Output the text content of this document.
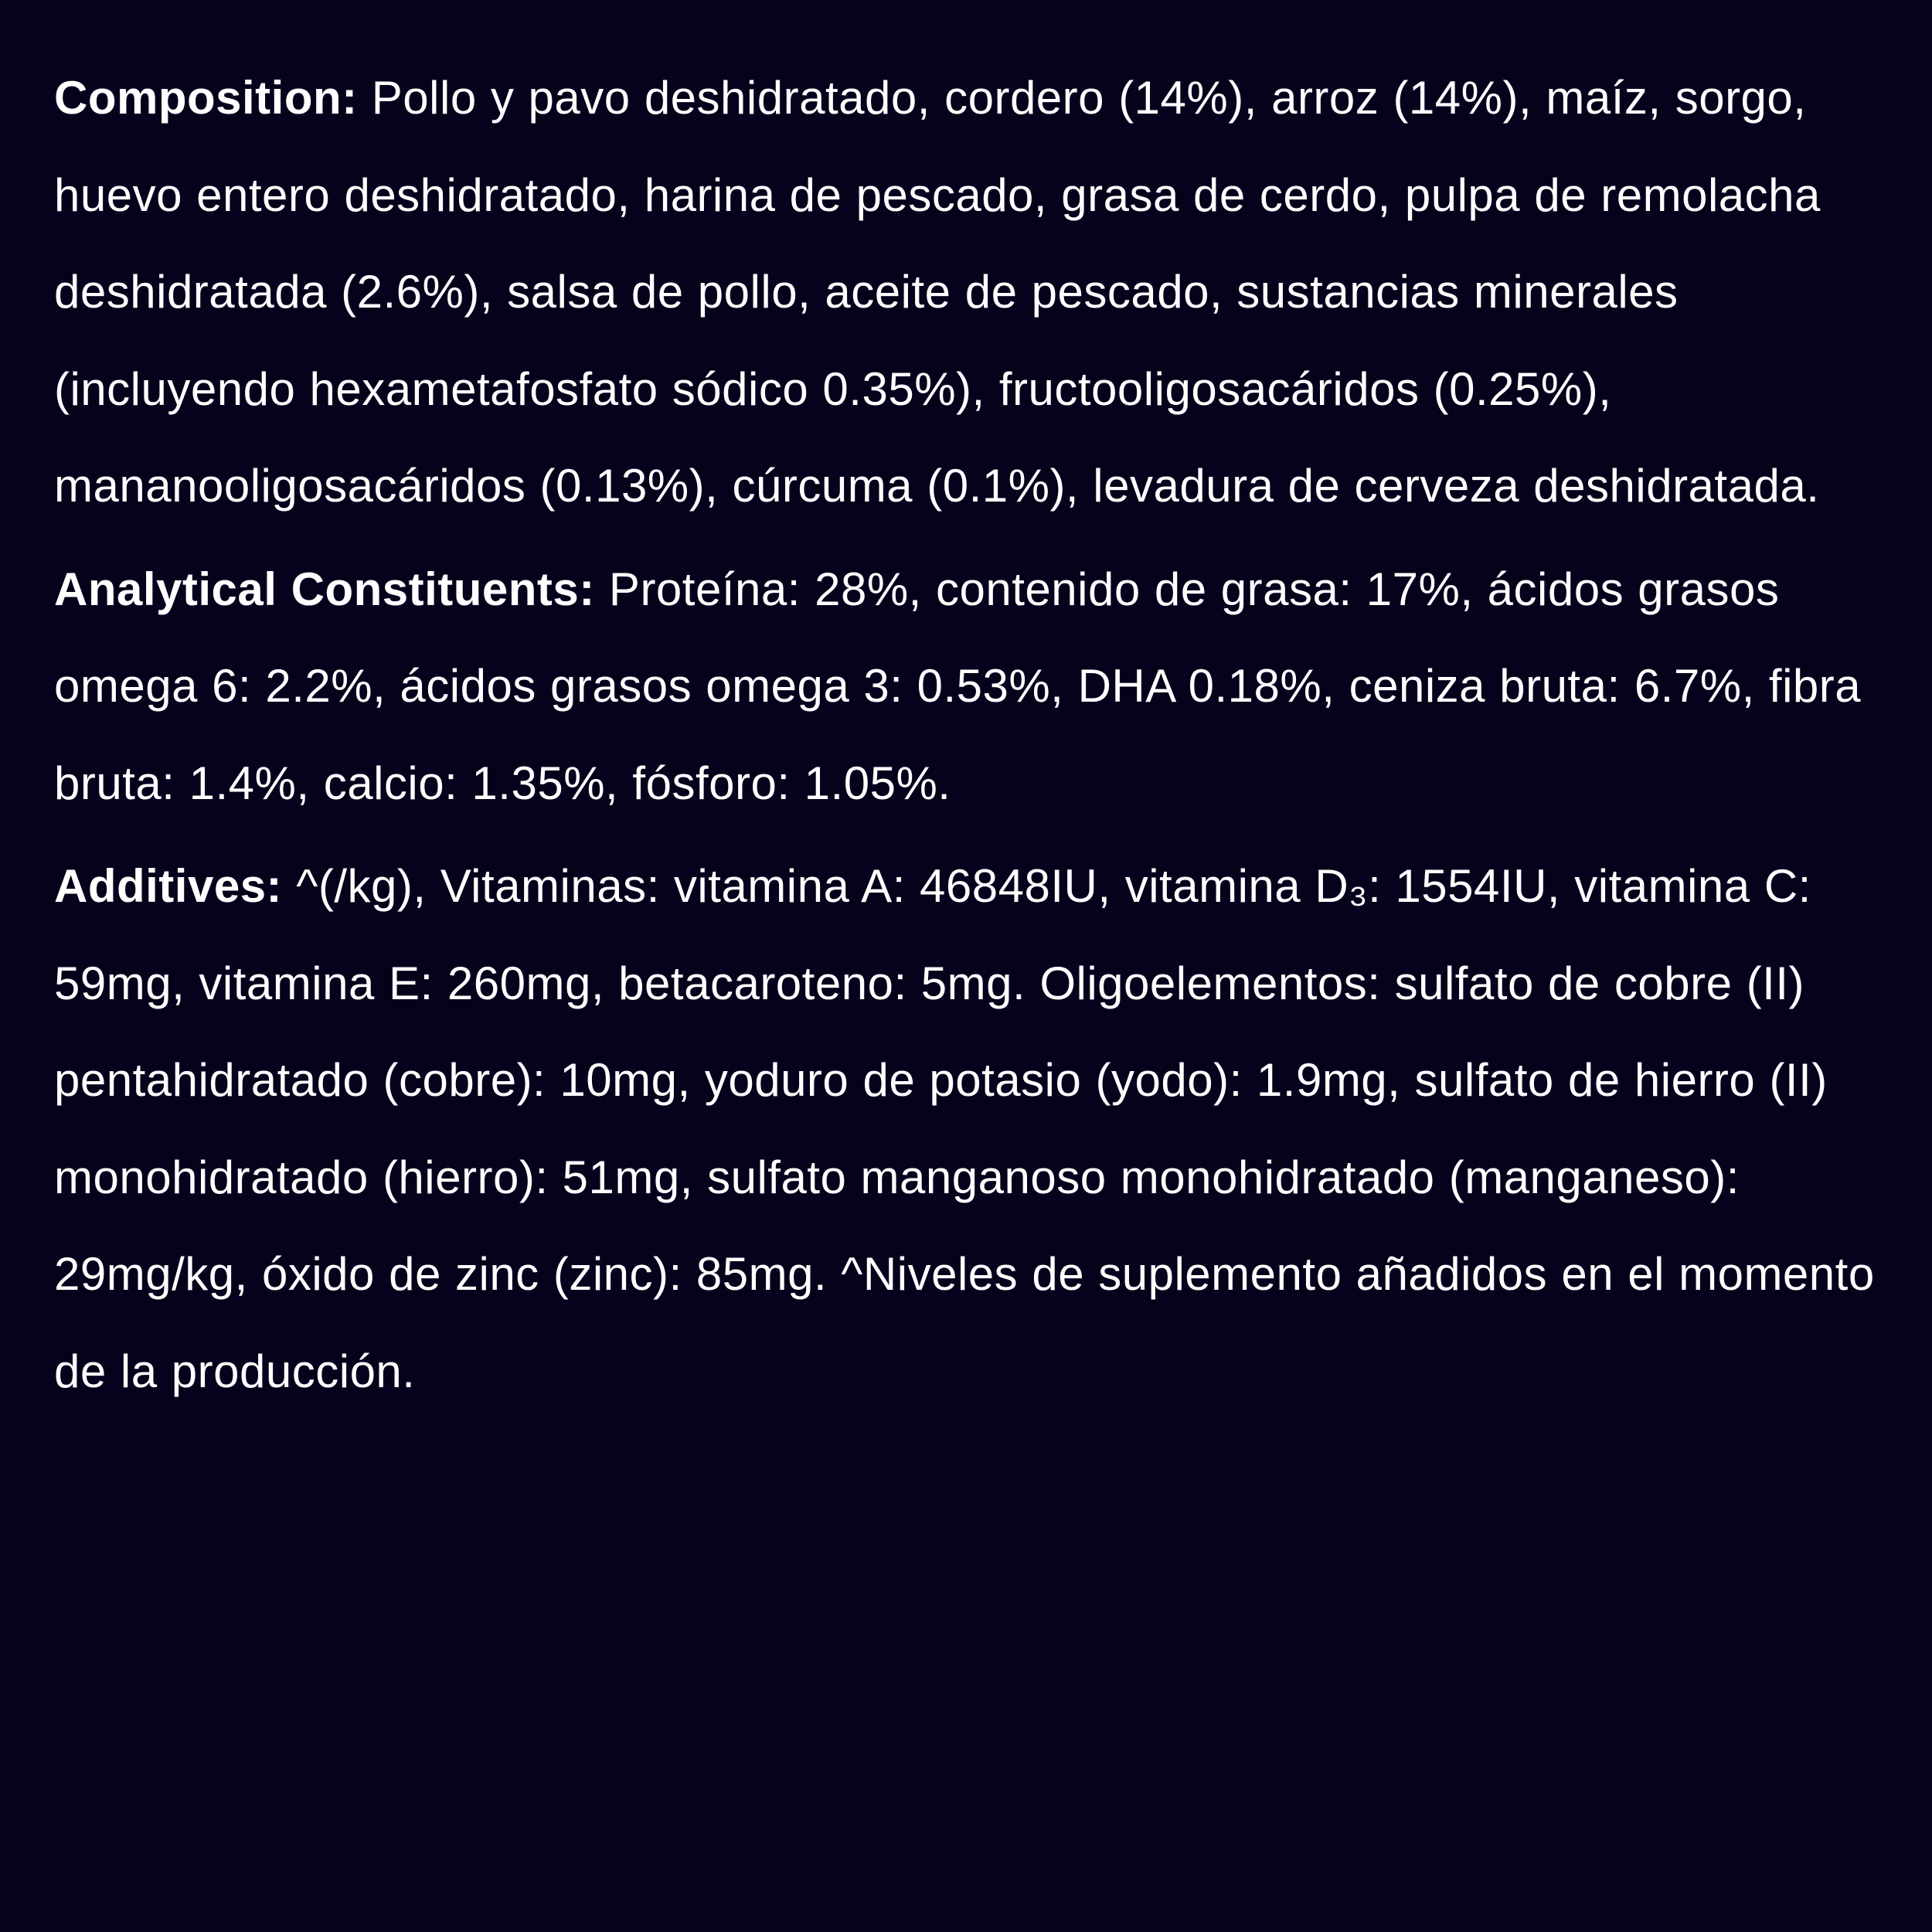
Composition: Pollo y pavo deshidratado, cordero (14%), arroz (14%), maíz, sorgo, huevo entero deshidratado, harina de pescado, grasa de cerdo, pulpa de remolacha deshidratada (2.6%), salsa de pollo, aceite de pescado, sustancias minerales (incluyendo hexametafosfato sódico 0.35%), fructooligosacáridos (0.25%), mananooligosacáridos (0.13%), cúrcuma (0.1%), levadura de cerveza deshidratada.

Analytical Constituents: Proteína: 28%, contenido de grasa: 17%, ácidos grasos omega 6: 2.2%, ácidos grasos omega 3: 0.53%, DHA 0.18%, ceniza bruta: 6.7%, fibra bruta: 1.4%, calcio: 1.35%, fósforo: 1.05%.

Additives: ^(/kg), Vitaminas: vitamina A: 46848IU, vitamina D₃: 1554IU, vitamina C: 59mg, vitamina E: 260mg, betacaroteno: 5mg. Oligoelementos: sulfato de cobre (II) pentahidratado (cobre): 10mg, yoduro de potasio (yodo): 1.9mg, sulfato de hierro (II) monohidratado (hierro): 51mg, sulfato manganoso monohidratado (manganeso): 29mg/kg, óxido de zinc (zinc): 85mg. ^Niveles de suplemento añadidos en el momento de la producción.
